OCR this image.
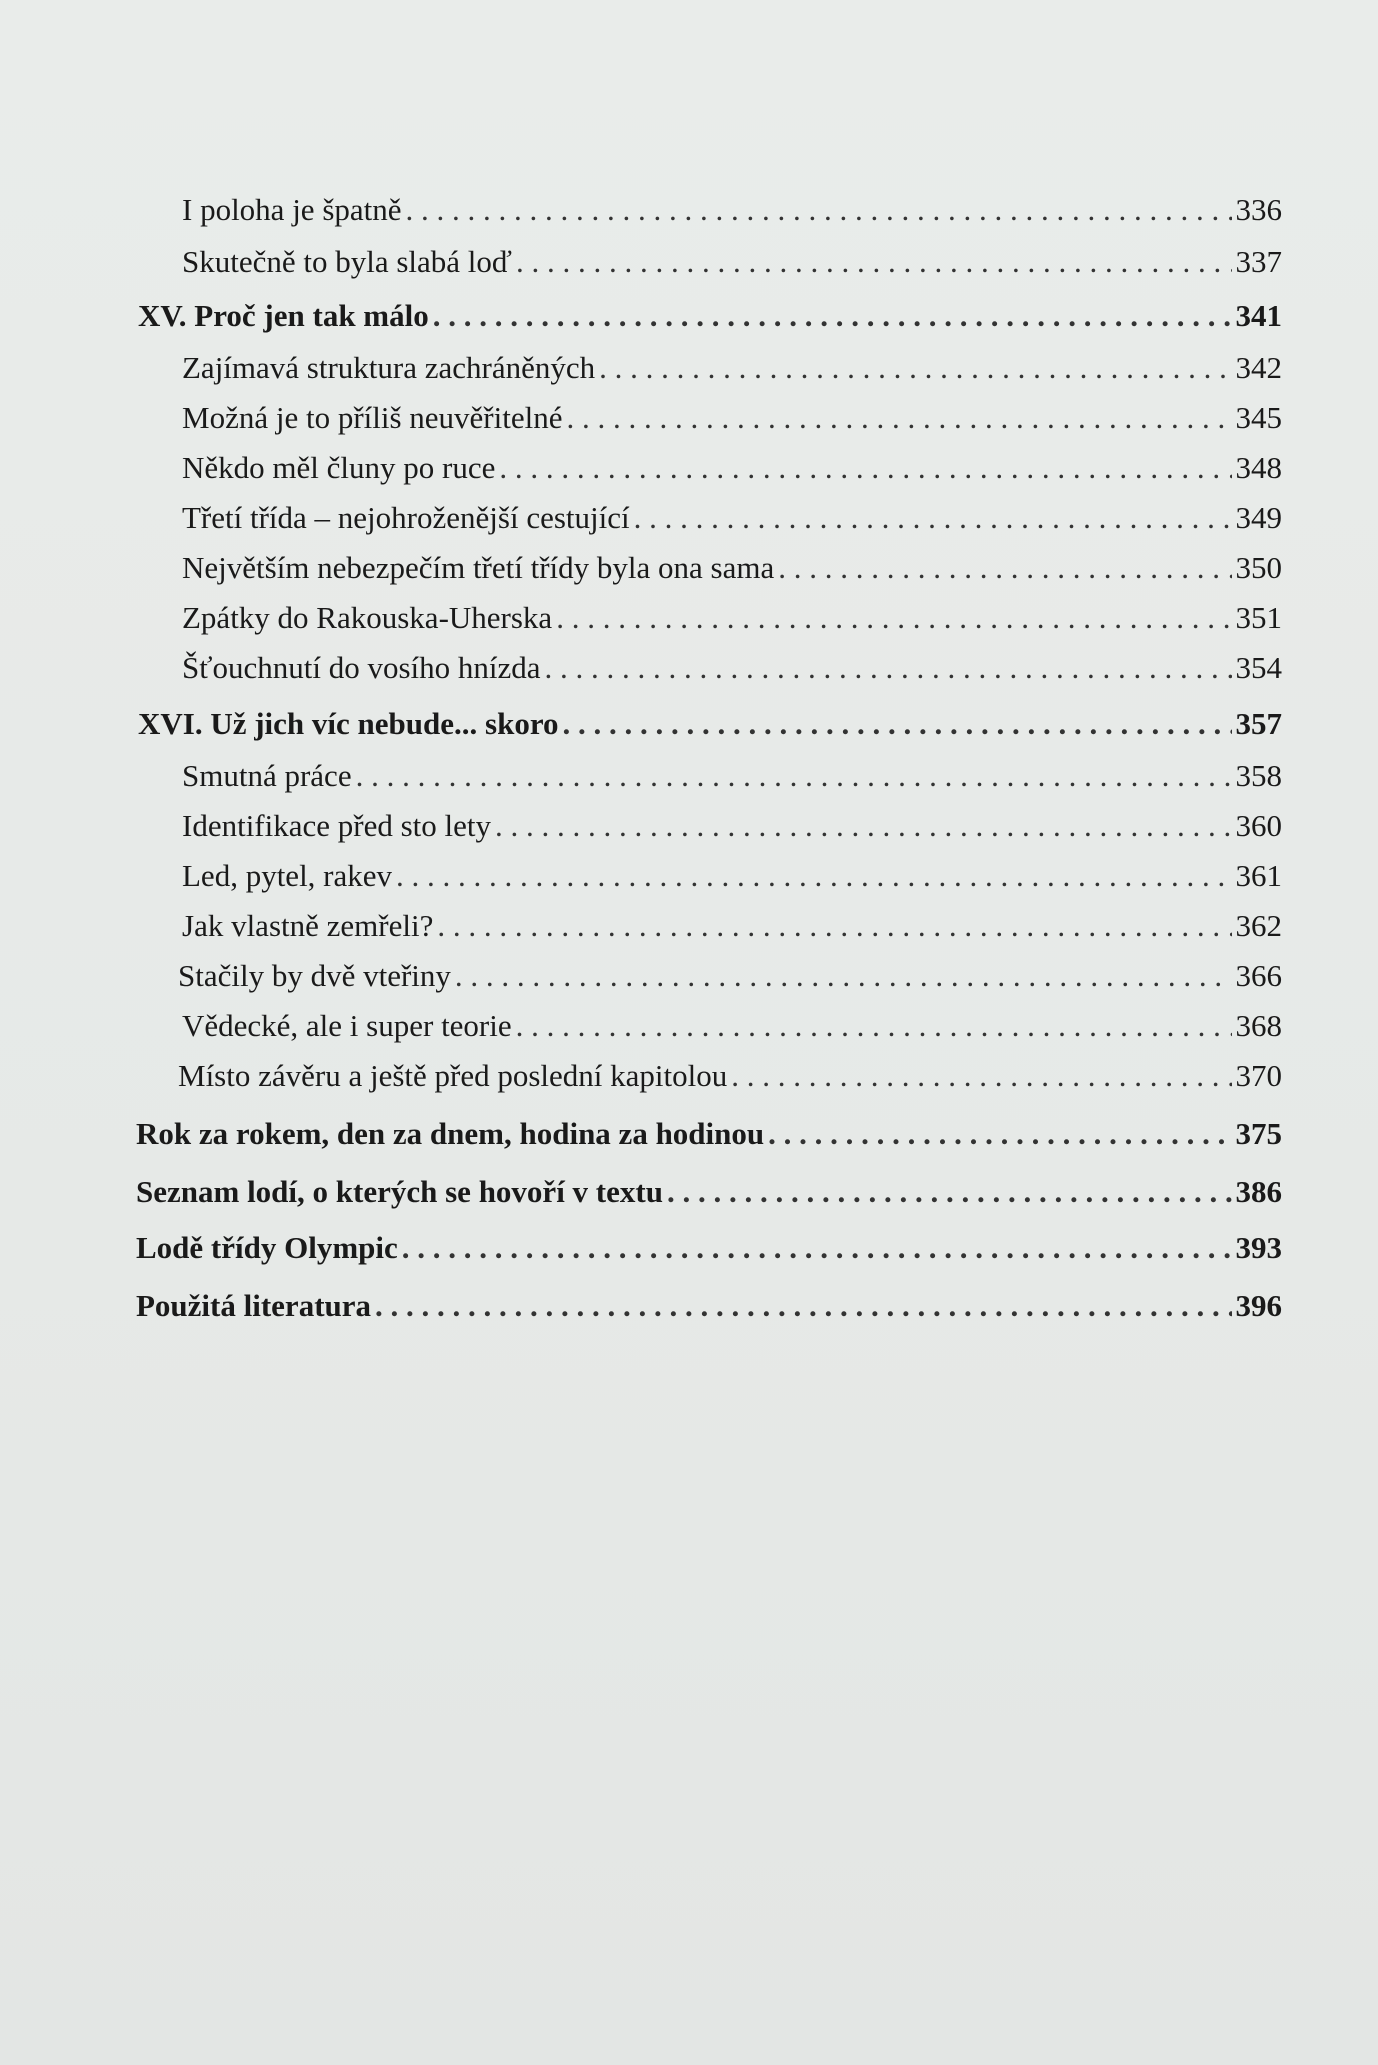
I poloha je špatně . . .	336
Skutečně to byla slabá loď . . .	337
XV. Proč jen tak málo . . .	341
Zajímavá struktura zachráněných . . .	342
Možná je to příliš neuvěřitelné . . .	345
Někdo měl čluny po ruce . . .	348
Třetí třída – nejohroženější cestující . . .	349
Největším nebezpečím třetí třídy byla ona sama . . .	350
Zpátky do Rakouska-Uherska . . .	351
Šťouchnutí do vosího hnízda . . .	354
XVI. Už jich víc nebude... skoro . . .	357
Smutná práce . . .	358
Identifikace před sto lety . . .	360
Led, pytel, rakev . . .	361
Jak vlastně zemřeli? . . .	362
Stačily by dvě vteřiny . . .	366
Vědecké, ale i super teorie . . .	368
Místo závěru a ještě před poslední kapitolou . . .	370
Rok za rokem, den za dnem, hodina za hodinou . . .	375
Seznam lodí, o kterých se hovoří v textu . . .	386
Lodě třídy Olympic . . .	393
Použitá literatura . . .	396
